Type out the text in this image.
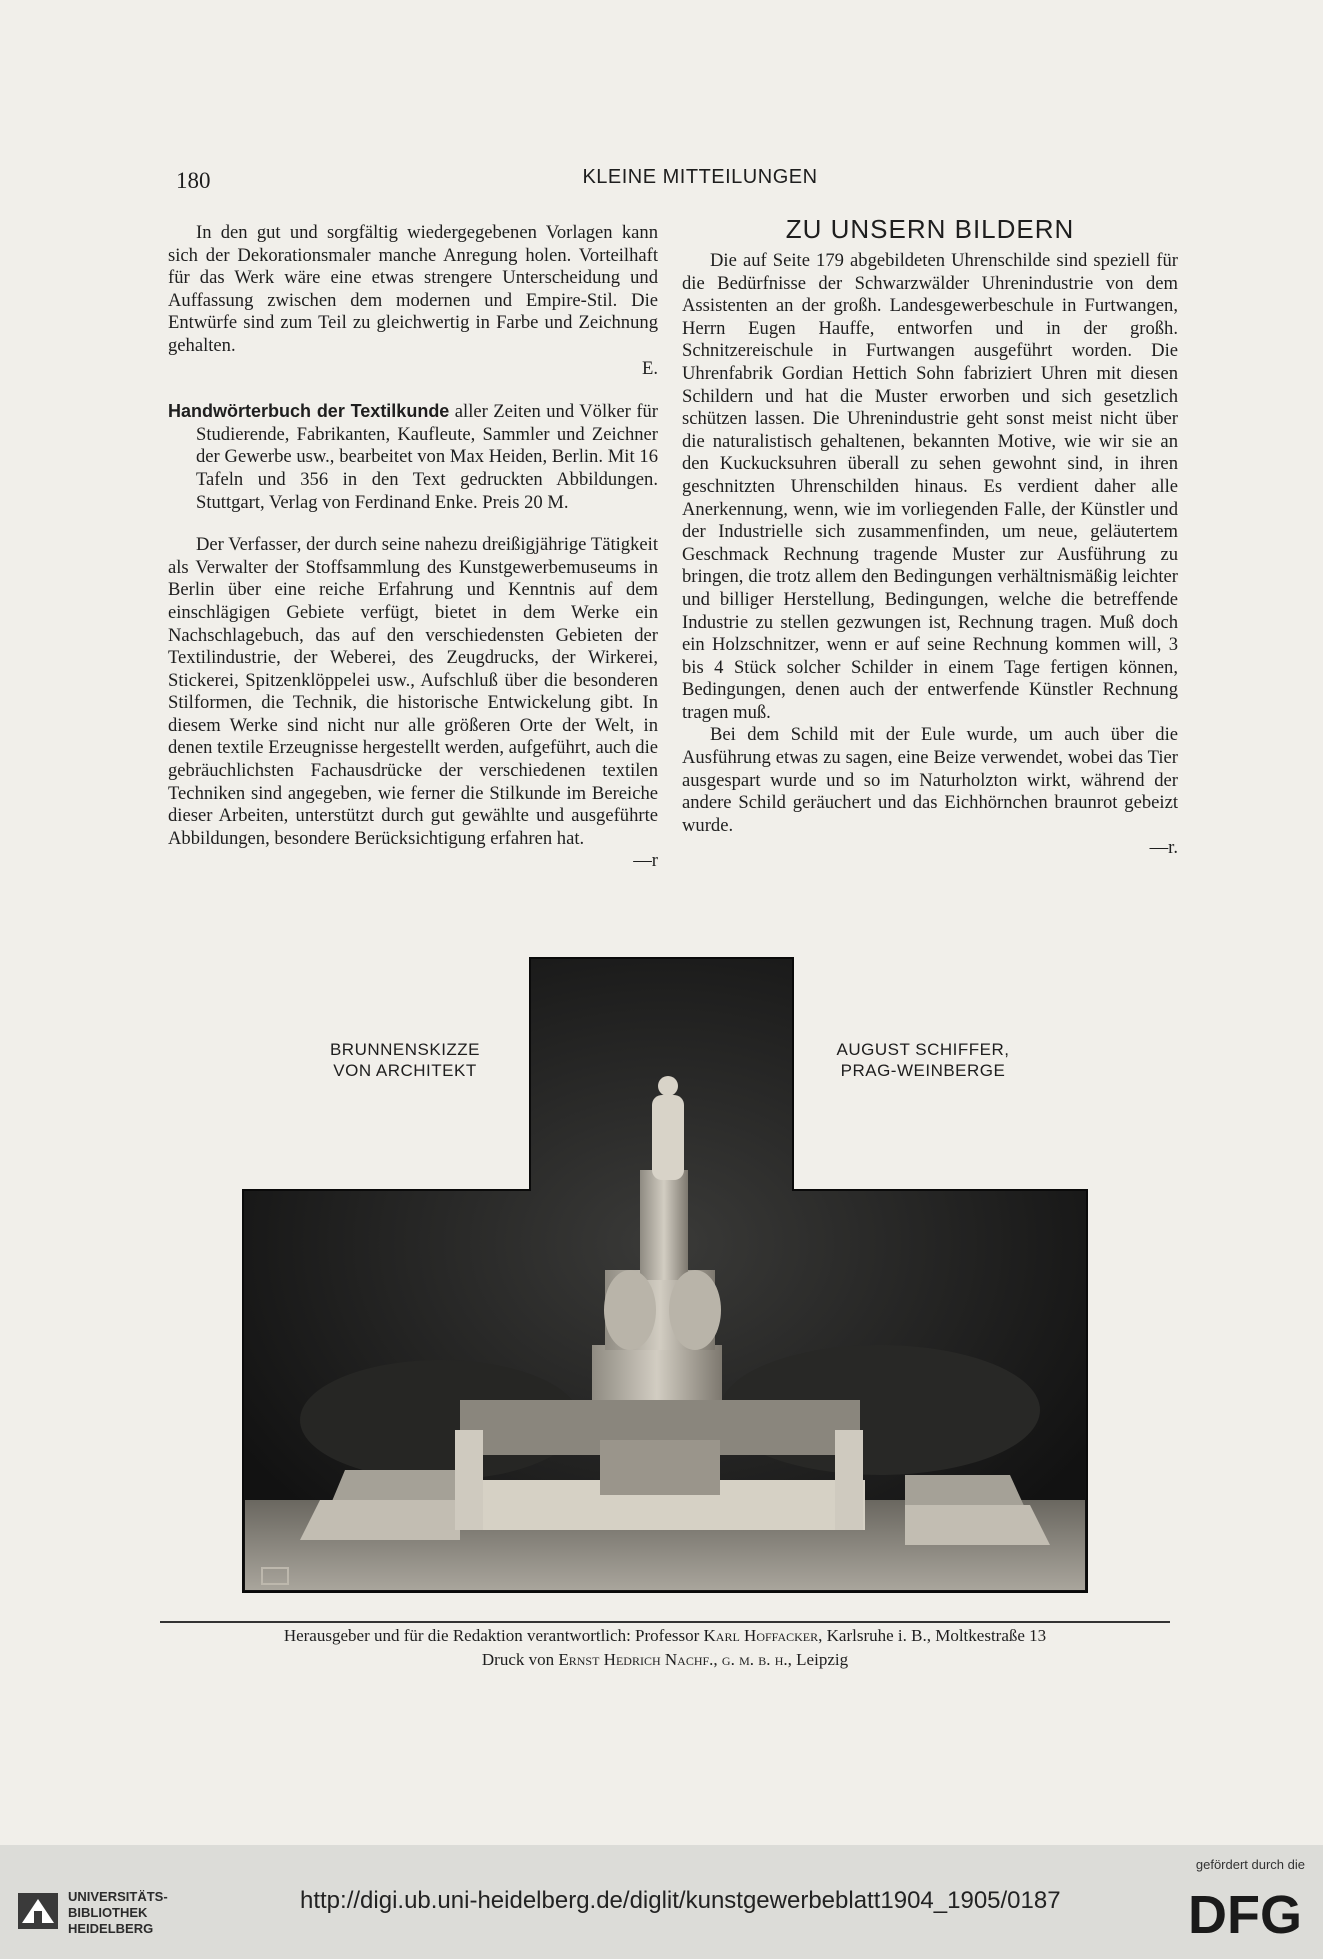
180	KLEINE MITTEILUNGEN

In den gut und sorgfältig wiedergegebenen Vorlagen kann sich der Dekorationsmaler manche Anregung holen. Vorteilhaft für das Werk wäre eine etwas strengere Unterscheidung und Auffassung zwischen dem modernen und Empire-Stil. Die Entwürfe sind zum Teil zu gleichwertig in Farbe und Zeichnung gehalten.

E.

Handwörterbuch der Textilkunde aller Zeiten und Völker für Studierende, Fabrikanten, Kaufleute, Sammler und Zeichner der Gewerbe usw., bearbeitet von Max Heiden, Berlin. Mit 16 Tafeln und 356 in den Text gedruckten Abbildungen. Stuttgart, Verlag von Ferdinand Enke. Preis 20 M.

Der Verfasser, der durch seine nahezu dreißigjährige Tätigkeit als Verwalter der Stoffsammlung des Kunstgewerbemuseums in Berlin über eine reiche Erfahrung und Kenntnis auf dem einschlägigen Gebiete verfügt, bietet in dem Werke ein Nachschlagebuch, das auf den verschiedensten Gebieten der Textilindustrie, der Weberei, des Zeugdrucks, der Wirkerei, Stickerei, Spitzenklöppelei usw., Aufschluß über die besonderen Stilformen, die Technik, die historische Entwickelung gibt. In diesem Werke sind nicht nur alle größeren Orte der Welt, in denen textile Erzeugnisse hergestellt werden, aufgeführt, auch die gebräuchlichsten Fachausdrücke der verschiedenen textilen Techniken sind angegeben, wie ferner die Stilkunde im Bereiche dieser Arbeiten, unterstützt durch gut gewählte und ausgeführte Abbildungen, besondere Berücksichtigung erfahren hat.

—r

ZU UNSERN BILDERN

Die auf Seite 179 abgebildeten Uhrenschilde sind speziell für die Bedürfnisse der Schwarzwälder Uhrenindustrie von dem Assistenten an der großh. Landesgewerbeschule in Furtwangen, Herrn Eugen Hauffe, entworfen und in der großh. Schnitzereischule in Furtwangen ausgeführt worden. Die Uhrenfabrik Gordian Hettich Sohn fabriziert Uhren mit diesen Schildern und hat die Muster erworben und sich gesetzlich schützen lassen. Die Uhrenindustrie geht sonst meist nicht über die naturalistisch gehaltenen, bekannten Motive, wie wir sie an den Kuckucksuhren überall zu sehen gewohnt sind, in ihren geschnitzten Uhrenschilden hinaus. Es verdient daher alle Anerkennung, wenn, wie im vorliegenden Falle, der Künstler und der Industrielle sich zusammenfinden, um neue, geläutertem Geschmack Rechnung tragende Muster zur Ausführung zu bringen, die trotz allem den Bedingungen verhältnismäßig leichter und billiger Herstellung, Bedingungen, welche die betreffende Industrie zu stellen gezwungen ist, Rechnung tragen. Muß doch ein Holzschnitzer, wenn er auf seine Rechnung kommen will, 3 bis 4 Stück solcher Schilder in einem Tage fertigen können, Bedingungen, denen auch der entwerfende Künstler Rechnung tragen muß.

Bei dem Schild mit der Eule wurde, um auch über die Ausführung etwas zu sagen, eine Beize verwendet, wobei das Tier ausgespart wurde und so im Naturholzton wirkt, während der andere Schild geräuchert und das Eichhörnchen braunrot gebeizt wurde.

—r.

BRUNNENSKIZZE
VON ARCHITEKT
AUGUST SCHIFFER,
PRAG-WEINBERGE
Herausgeber und für die Redaktion verantwortlich: Professor Karl Hoffacker, Karlsruhe i. B., Moltkestraße 13
Druck von Ernst Hedrich Nachf., g. m. b. h., Leipzig
UNIVERSITÄTS-
BIBLIOTHEK
HEIDELBERG
http://digi.ub.uni-heidelberg.de/diglit/kunstgewerbeblatt1904_1905/0187
gefördert durch die
DFG
